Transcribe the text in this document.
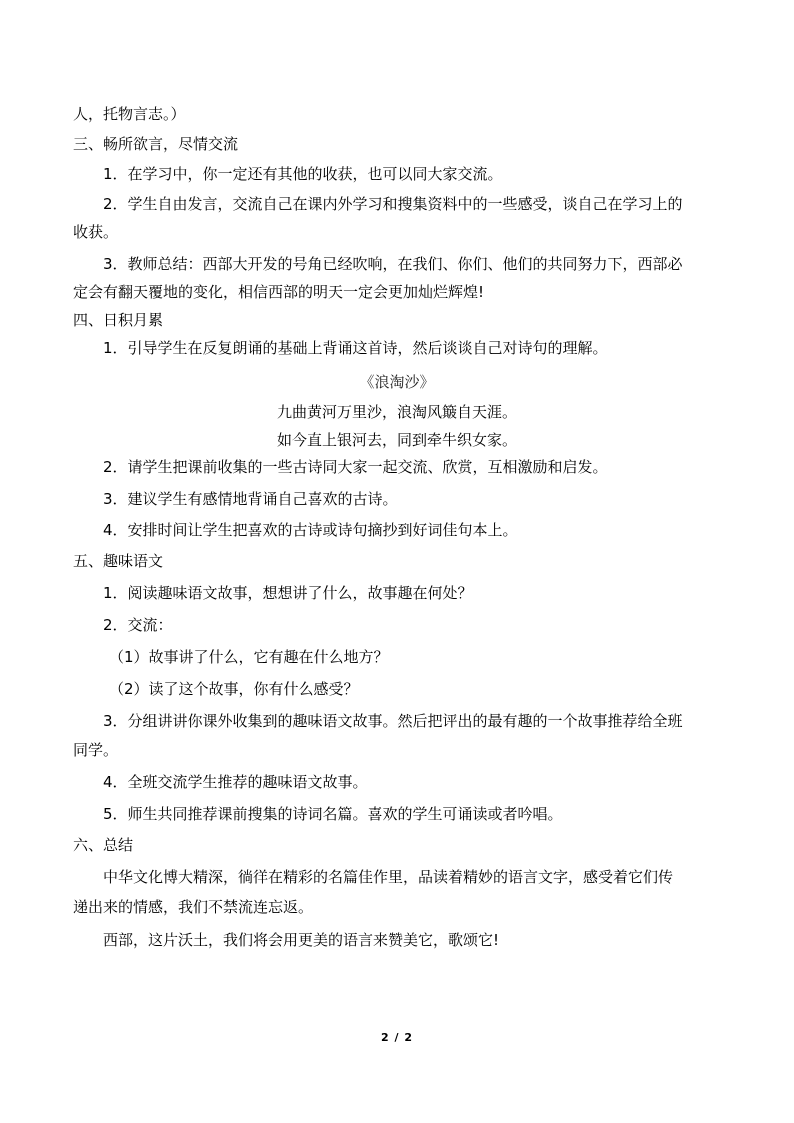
人，托物言志。）
三、畅所欲言，尽情交流
1．在学习中，你一定还有其他的收获，也可以同大家交流。
2．学生自由发言，交流自己在课内外学习和搜集资料中的一些感受，谈自己在学习上的
收获。
3．教师总结：西部大开发的号角已经吹响，在我们、你们、他们的共同努力下，西部必
定会有翻天覆地的变化，相信西部的明天一定会更加灿烂辉煌!
四、日积月累
1．引导学生在反复朗诵的基础上背诵这首诗，然后谈谈自己对诗句的理解。
《浪淘沙》
九曲黄河万里沙，浪淘风簸自天涯。
如今直上银河去，同到牵牛织女家。
2．请学生把课前收集的一些古诗同大家一起交流、欣赏，互相激励和启发。
3．建议学生有感情地背诵自己喜欢的古诗。
4．安排时间让学生把喜欢的古诗或诗句摘抄到好词佳句本上。
五、趣味语文
1．阅读趣味语文故事，想想讲了什么，故事趣在何处？
2．交流：
（1）故事讲了什么，它有趣在什么地方？
（2）读了这个故事，你有什么感受？
3．分组讲讲你课外收集到的趣味语文故事。然后把评出的最有趣的一个故事推荐给全班
同学。
4．全班交流学生推荐的趣味语文故事。
5．师生共同推荐课前搜集的诗词名篇。喜欢的学生可诵读或者吟唱。
六、总结
中华文化博大精深，徜徉在精彩的名篇佳作里，品读着精妙的语言文字，感受着它们传
递出来的情感，我们不禁流连忘返。
西部，这片沃土，我们将会用更美的语言来赞美它，歌颂它!
2 / 2
